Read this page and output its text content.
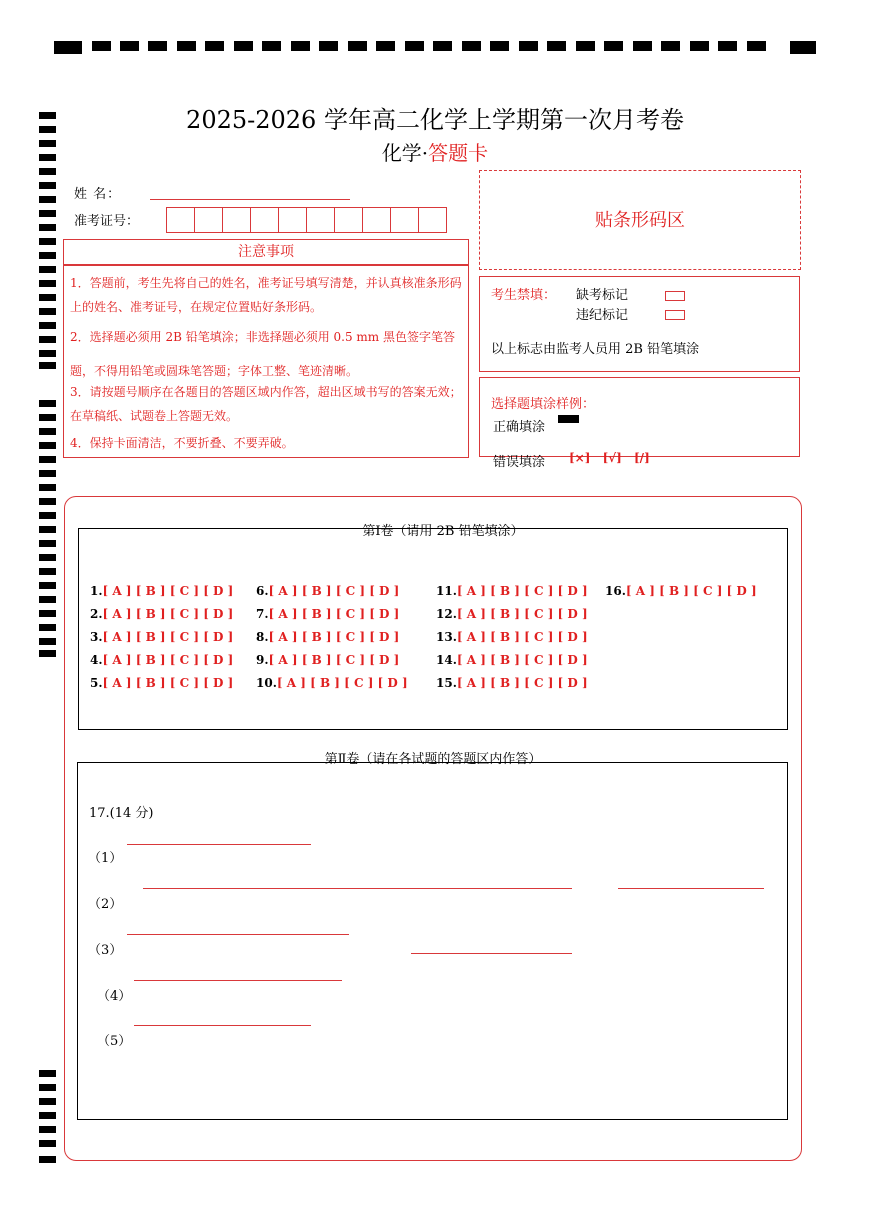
2025-2026 学年高二化学上学期第一次月考卷
化学·答题卡
姓 名：
准考证号：	贴条形码区
注意事项
1．答题前，考生先将自己的姓名，准考证号填写清楚，并认真核准条形码上的姓名、准考证号，在规定位置贴好条形码。
2．选择题必须用 2B 铅笔填涂；非选择题必须用 0.5 mm 黑色签字笔答题，不得用铅笔或圆珠笔答题；字体工整、笔迹清晰。
3．请按题号顺序在各题目的答题区域内作答，超出区域书写的答案无效；在草稿纸、试题卷上答题无效。
4．保持卡面清洁，不要折叠、不要弄破。
考生禁填： 缺考标记
违纪标记
以上标志由监考人员用 2B 铅笔填涂
选择题填涂样例：
正确填涂
错误填涂 [×] [√] [/]
第Ⅰ卷（请用 2B 铅笔填涂）
1.[ A ] [ B ] [ C ] [ D ]
2.[ A ] [ B ] [ C ] [ D ]
3.[ A ] [ B ] [ C ] [ D ]
4.[ A ] [ B ] [ C ] [ D ]
5.[ A ] [ B ] [ C ] [ D ]
6.[ A ] [ B ] [ C ] [ D ]
7.[ A ] [ B ] [ C ] [ D ]
8.[ A ] [ B ] [ C ] [ D ]
9.[ A ] [ B ] [ C ] [ D ]
10.[ A ] [ B ] [ C ] [ D ]
11.[ A ] [ B ] [ C ] [ D ]
12.[ A ] [ B ] [ C ] [ D ]
13.[ A ] [ B ] [ C ] [ D ]
14.[ A ] [ B ] [ C ] [ D ]
15.[ A ] [ B ] [ C ] [ D ]
16.[ A ] [ B ] [ C ] [ D ]
第Ⅱ卷（请在各试题的答题区内作答）
17.(14 分)
（1）
（2）
（3）
（4）
（5）
